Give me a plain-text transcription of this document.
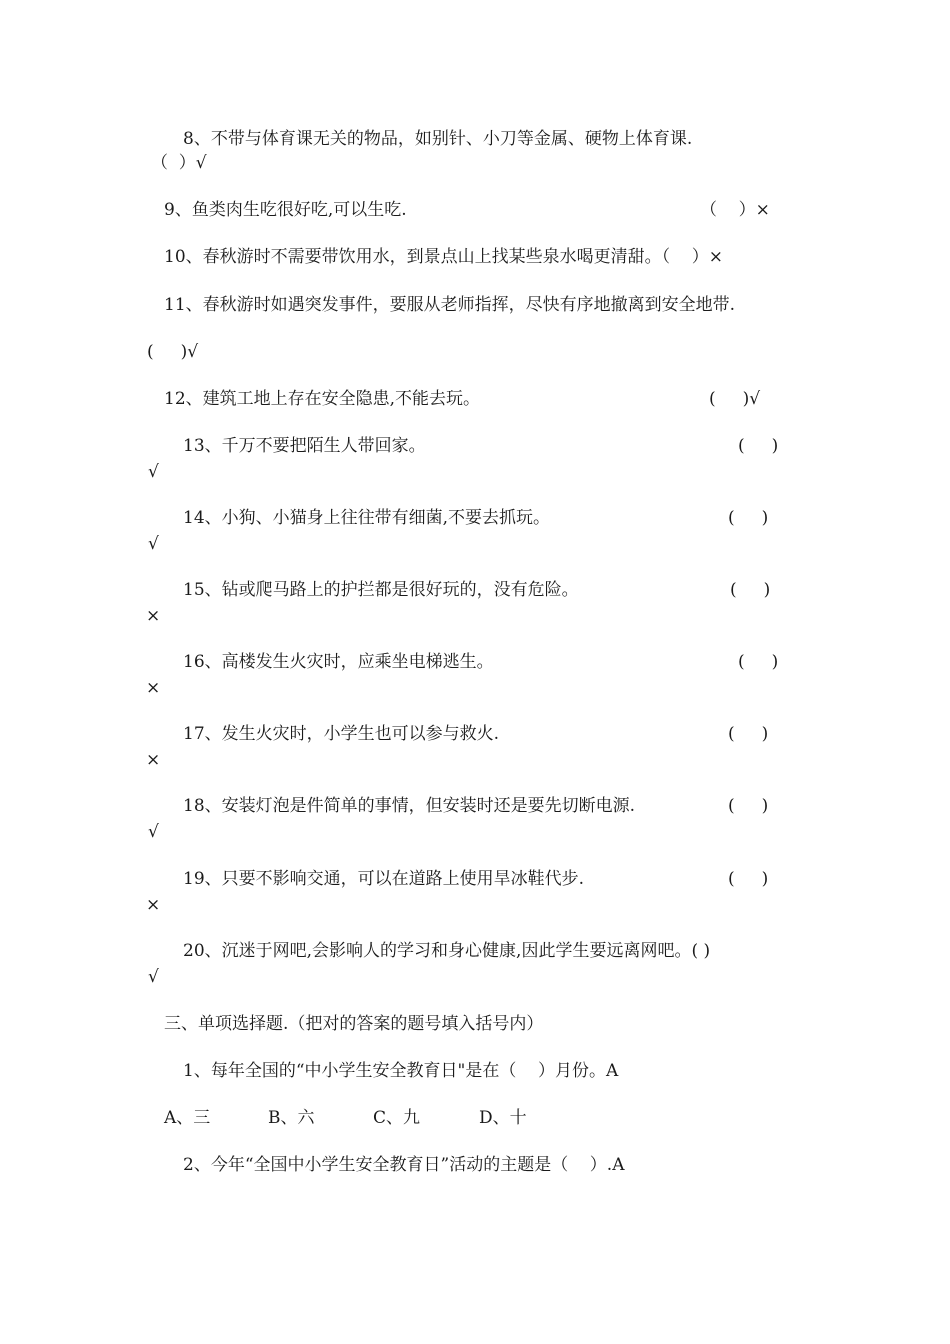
8、不带与体育课无关的物品，如别针、小刀等金属、硬物上体育课.
（  ）√
9、鱼类肉生吃很好吃,可以生吃.	（    ）×
10、春秋游时不需要带饮用水，到景点山上找某些泉水喝更清甜。（    ）×
11、春秋游时如遇突发事件，要服从老师指挥，尽快有序地撤离到安全地带.
(     )√
12、建筑工地上存在安全隐患,不能去玩。	(     )√
13、千万不要把陌生人带回家。	(     )
√
14、小狗、小猫身上往往带有细菌,不要去抓玩。	(     )
√
15、钻或爬马路上的护拦都是很好玩的，没有危险。	(     )
×
16、高楼发生火灾时，应乘坐电梯逃生。	(     )
×
17、发生火灾时，小学生也可以参与救火.	(     )
×
18、安装灯泡是件简单的事情，但安装时还是要先切断电源.	(     )
√
19、只要不影响交通，可以在道路上使用旱冰鞋代步.	(     )
×
20、沉迷于网吧,会影响人的学习和身心健康,因此学生要远离网吧。( )
√
三、单项选择题.（把对的答案的题号填入括号内）
1、每年全国的“中小学生安全教育日"是在（    ）月份。A
A、三	B、六	C、九	D、十
2、今年“全国中小学生安全教育日”活动的主题是（    ）.A
